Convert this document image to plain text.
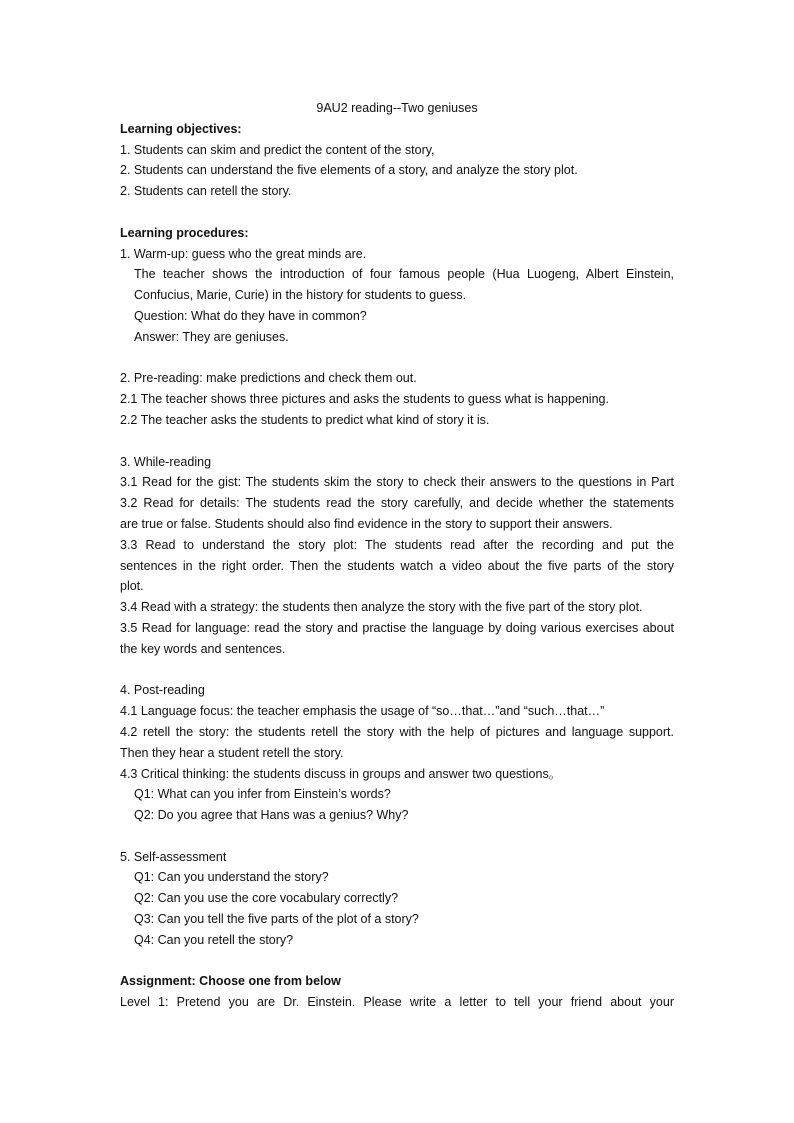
9AU2 reading--Two geniuses
Learning objectives:
1. Students can skim and predict the content of the story,
2. Students can understand the five elements of a story, and analyze the story plot.
2. Students can retell the story.
Learning procedures:
1. Warm-up: guess who the great minds are.
The teacher shows the introduction of four famous people (Hua Luogeng, Albert Einstein,
Confucius, Marie, Curie) in the history for students to guess.
Question: What do they have in common?
Answer: They are geniuses.
2. Pre-reading: make predictions and check them out.
2.1 The teacher shows three pictures and asks the students to guess what is happening.
2.2 The teacher asks the students to predict what kind of story it is.
3. While-reading
3.1 Read for the gist: The students skim the story to check their answers to the questions in Part
3.2 Read for details: The students read the story carefully, and decide whether the statements
are true or false. Students should also find evidence in the story to support their answers.
3.3 Read to understand the story plot: The students read after the recording and put the
sentences in the right order. Then the students watch a video about the five parts of the story
plot.
3.4 Read with a strategy: the students then analyze the story with the five part of the story plot.
3.5 Read for language: read the story and practise the language by doing various exercises about
the key words and sentences.
4. Post-reading
4.1 Language focus: the teacher emphasis the usage of “so…that…”and “such…that…”
4.2 retell the story: the students retell the story with the help of pictures and language support.
Then they hear a student retell the story.
4.3 Critical thinking: the students discuss in groups and answer two questions。
Q1: What can you infer from Einstein’s words?
Q2: Do you agree that Hans was a genius? Why?
5. Self-assessment
Q1: Can you understand the story?
Q2: Can you use the core vocabulary correctly?
Q3: Can you tell the five parts of the plot of a story?
Q4: Can you retell the story?
Assignment: Choose one from below
Level 1: Pretend you are Dr. Einstein. Please write a letter to tell your friend about your
